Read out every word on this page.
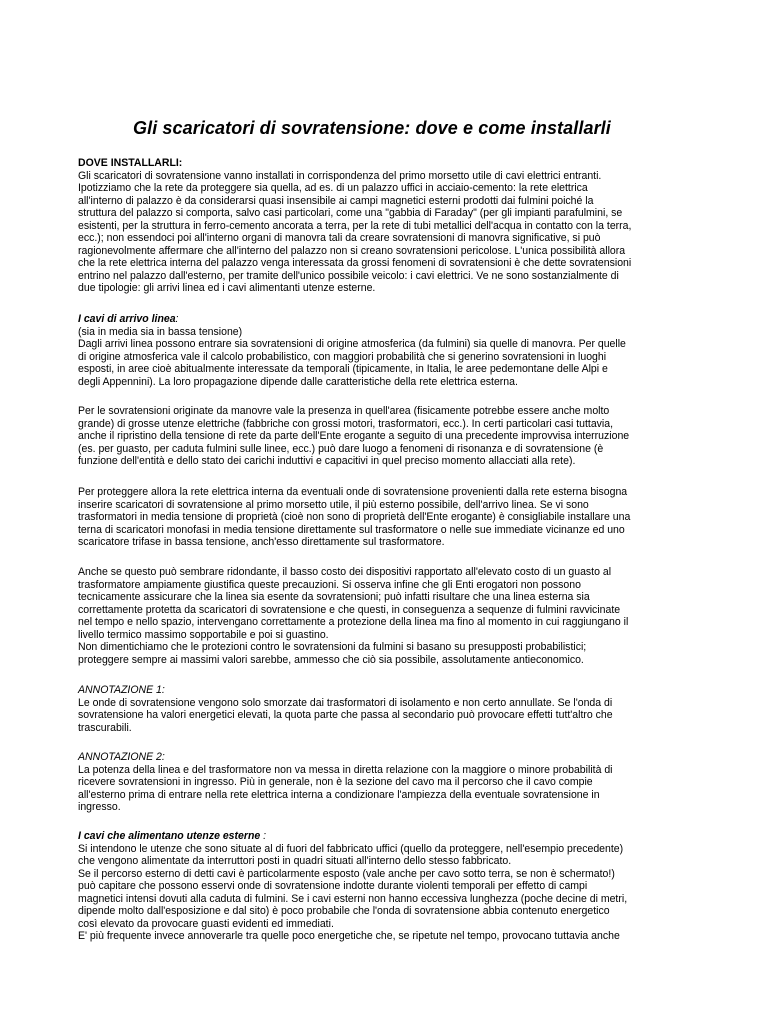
Gli scaricatori di sovratensione: dove e come installarli
DOVE INSTALLARLI:
Gli scaricatori di sovratensione vanno installati in corrispondenza del primo morsetto utile di cavi elettrici entranti.
Ipotizziamo che la rete da proteggere sia quella, ad es. di un palazzo uffici in acciaio-cemento: la rete elettrica
all'interno di palazzo è da considerarsi quasi insensibile ai campi magnetici esterni prodotti dai fulmini poiché la
struttura del palazzo si comporta, salvo casi particolari, come una "gabbia di Faraday" (per gli impianti parafulmini, se
esistenti, per la struttura in ferro-cemento ancorata a terra, per la rete di tubi metallici dell'acqua in contatto con la terra,
ecc.); non essendoci poi all'interno organi di manovra tali da creare sovratensioni di manovra significative, si può
ragionevolmente affermare che all'interno del palazzo non si creano sovratensioni pericolose. L'unica possibilità allora
che la rete elettrica interna del palazzo venga interessata da grossi fenomeni di sovratensioni è che dette sovratensioni
entrino nel palazzo dall'esterno, per tramite dell'unico possibile veicolo: i cavi elettrici. Ve ne sono sostanzialmente di
due tipologie: gli arrivi linea ed i cavi alimentanti utenze esterne.
I cavi di arrivo linea:
(sia in media sia in bassa tensione)
Dagli arrivi linea possono entrare sia sovratensioni di origine atmosferica (da fulmini) sia quelle di manovra. Per quelle
di origine atmosferica vale il calcolo probabilistico, con maggiori probabilità che si generino sovratensioni in luoghi
esposti, in aree cioè abitualmente interessate da temporali (tipicamente, in Italia, le aree pedemontane delle Alpi e
degli Appennini). La loro propagazione dipende dalle caratteristiche della rete elettrica esterna.
Per le sovratensioni originate da manovre vale la presenza in quell'area (fisicamente potrebbe essere anche molto
grande) di grosse utenze elettriche (fabbriche con grossi motori, trasformatori, ecc.). In certi particolari casi tuttavia,
anche il ripristino della tensione di rete da parte dell'Ente erogante a seguito di una precedente improvvisa interruzione
(es. per guasto, per caduta fulmini sulle linee, ecc.) può dare luogo a fenomeni di risonanza e di sovratensione (è
funzione dell'entità e dello stato dei carichi induttivi e capacitivi in quel preciso momento allacciati alla rete).
Per proteggere allora la rete elettrica interna da eventuali onde di sovratensione provenienti dalla rete esterna bisogna
inserire scaricatori di sovratensione al primo morsetto utile, il più esterno possibile, dell'arrivo linea. Se vi sono
trasformatori in media tensione di proprietà (cioè non sono di proprietà dell'Ente erogante) è consigliabile installare una
terna di scaricatori monofasi in media tensione direttamente sul trasformatore o nelle sue immediate vicinanze ed uno
scaricatore trifase in bassa tensione, anch'esso direttamente sul trasformatore.
Anche se questo può sembrare ridondante, il basso costo dei dispositivi rapportato all'elevato costo di un guasto al
trasformatore ampiamente giustifica queste precauzioni. Si osserva infine che gli Enti erogatori non possono
tecnicamente assicurare che la linea sia esente da sovratensioni; può infatti risultare che una linea esterna sia
correttamente protetta da scaricatori di sovratensione e che questi, in conseguenza a sequenze di fulmini ravvicinate
nel tempo e nello spazio, intervengano correttamente a protezione della linea ma fino al momento in cui raggiungano il
livello termico massimo sopportabile e poi si guastino.
Non dimentichiamo che le protezioni contro le sovratensioni da fulmini si basano su presupposti probabilistici;
proteggere sempre ai massimi valori sarebbe, ammesso che ciò sia possibile, assolutamente antieconomico.
ANNOTAZIONE 1:
Le onde di sovratensione vengono solo smorzate dai trasformatori di isolamento e non certo annullate. Se l'onda di
sovratensione ha valori energetici elevati, la quota parte che passa al secondario può provocare effetti tutt'altro che
trascurabili.
ANNOTAZIONE 2:
La potenza della linea e del trasformatore non va messa in diretta relazione con la maggiore o minore probabilità di
ricevere sovratensioni in ingresso. Più in generale, non è la sezione del cavo ma il percorso che il cavo compie
all'esterno prima di entrare nella rete elettrica interna a condizionare l'ampiezza della eventuale sovratensione in
ingresso.
I cavi che alimentano utenze esterne :
Si intendono le utenze che sono situate al di fuori del fabbricato uffici (quello da proteggere, nell'esempio precedente)
che vengono alimentate da interruttori posti in quadri situati all'interno dello stesso fabbricato.
Se il percorso esterno di detti cavi è particolarmente esposto (vale anche per cavo sotto terra, se non è schermato!)
può capitare che possono esservi onde di sovratensione indotte durante violenti temporali per effetto di campi
magnetici intensi dovuti alla caduta di fulmini. Se i cavi esterni non hanno eccessiva lunghezza (poche decine di metri,
dipende molto dall'esposizione e dal sito) è poco probabile che l'onda di sovratensione abbia contenuto energetico
così elevato da provocare guasti evidenti ed immediati.
E' più frequente invece annoverarle tra quelle poco energetiche che, se ripetute nel tempo, provocano tuttavia anche
